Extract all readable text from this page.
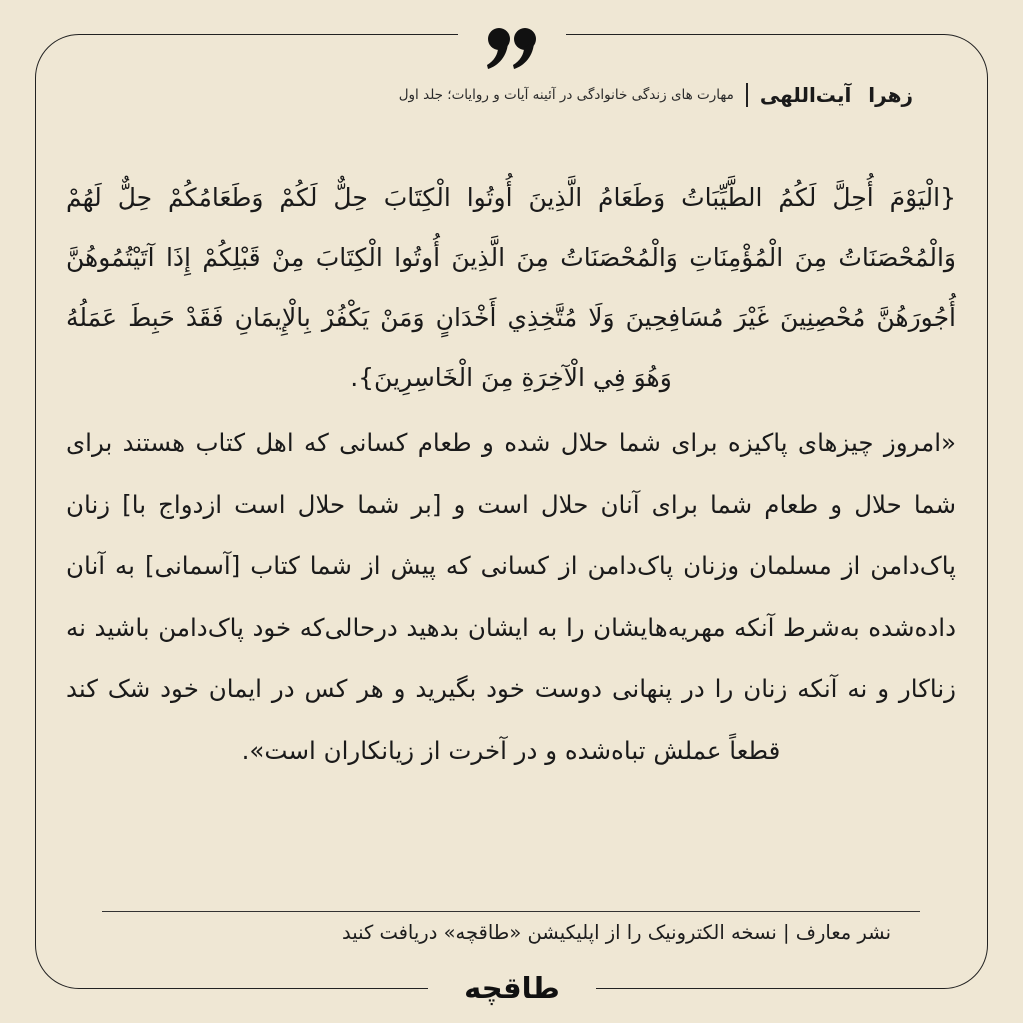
زهرا آیت‌اللهی
مهارت های زندگی خانوادگی در آئینه آیات و روایات؛ جلد اول

{الْيَوْمَ أُحِلَّ لَكُمُ الطَّيِّبَاتُ وَطَعَامُ الَّذِينَ أُوتُوا الْكِتَابَ حِلٌّ لَكُمْ وَطَعَامُكُمْ حِلٌّ لَهُمْ وَالْمُحْصَنَاتُ مِنَ الْمُؤْمِنَاتِ وَالْمُحْصَنَاتُ مِنَ الَّذِينَ أُوتُوا الْكِتَابَ مِنْ قَبْلِكُمْ إِذَا آتَيْتُمُوهُنَّ أُجُورَهُنَّ مُحْصِنِينَ غَيْرَ مُسَافِحِينَ وَلَا مُتَّخِذِي أَخْدَانٍ وَمَنْ يَكْفُرْ بِالْإِيمَانِ فَقَدْ حَبِطَ عَمَلُهُ وَهُوَ فِي الْآخِرَةِ مِنَ الْخَاسِرِينَ}.

«امروز چیزهای پاکیزه برای شما حلال شده و طعام کسانی که اهل کتاب هستند برای شما حلال و طعام شما برای آنان حلال است و [بر شما حلال است ازدواج با] زنان پاک‌دامن از مسلمان وزنان پاک‌دامن از کسانی که پیش از شما کتاب [آسمانی] به آنان داده‌شده به‌شرط آنکه مهریه‌هایشان را به ایشان بدهید درحالی‌که خود پاک‌دامن باشید نه زناکار و نه آنکه زنان را در پنهانی دوست خود بگیرید و هر کس در ایمان خود شک کند قطعاً عملش تباه‌شده و در آخرت از زیانکاران است».

نشر معارف | نسخه الکترونیک را از اپلیکیشن «طاقچه» دریافت کنید
طاقچه
